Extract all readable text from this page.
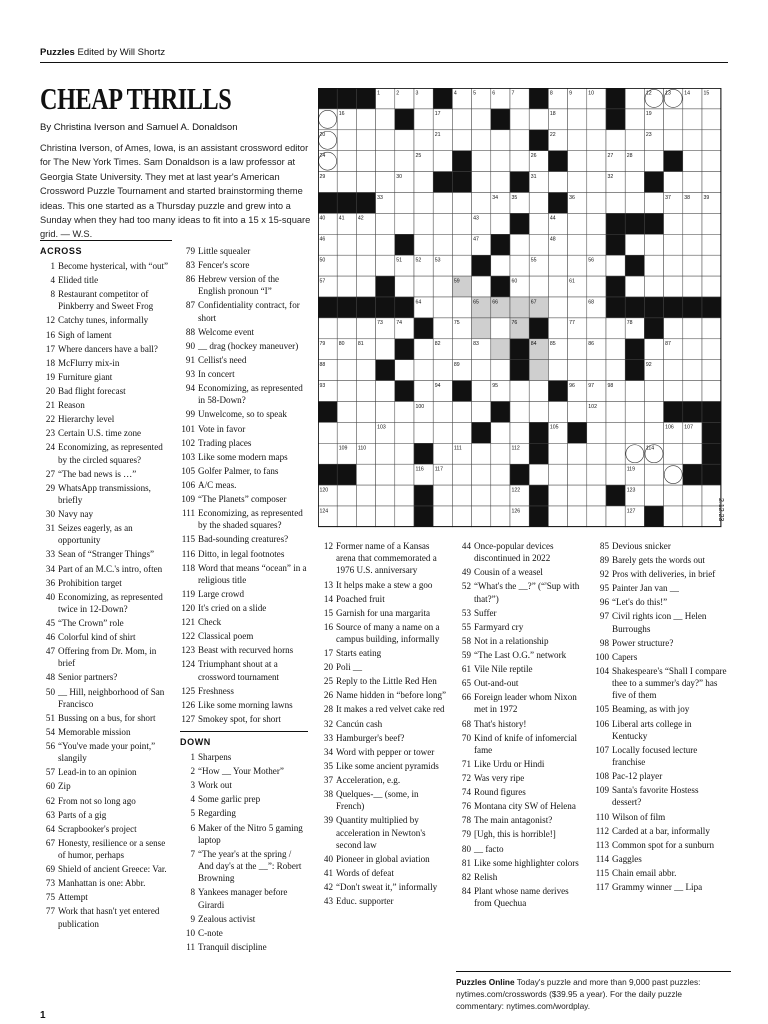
Puzzles Edited by Will Shortz
CHEAP THRILLS
By Christina Iverson and Samuel A. Donaldson
Christina Iverson, of Ames, Iowa, is an assistant crossword editor for The New York Times. Sam Donaldson is a law professor at Georgia State University. They met at last year's American Crossword Puzzle Tournament and started brainstorming theme ideas. This one started as a Thursday puzzle and grew into a Sunday when they had too many ideas to fit into a 15 x 15-square grid. — W.S.
ACROSS
1 Become hysterical, with “out”
4 Elided title
8 Restaurant competitor of Pinkberry and Sweet Frog
12 Catchy tunes, informally
16 Sigh of lament
17 Where dancers have a ball?
18 McFlurry mix-in
19 Furniture giant
20 Bad flight forecast
21 Reason
22 Hierarchy level
23 Certain U.S. time zone
24 Economizing, as represented by the circled squares?
27 “The bad news is …”
29 WhatsApp transmissions, briefly
30 Navy nay
31 Seizes eagerly, as an opportunity
33 Sean of “Stranger Things”
34 Part of an M.C.'s intro, often
36 Prohibition target
40 Economizing, as represented twice in 12-Down?
45 “The Crown” role
46 Colorful kind of shirt
47 Offering from Dr. Mom, in brief
48 Senior partners?
50 __ Hill, neighborhood of San Francisco
51 Bussing on a bus, for short
54 Memorable mission
56 “You've made your point,” slangily
57 Lead-in to an opinion
60 Zip
62 From not so long ago
63 Parts of a gig
64 Scrapbooker's project
67 Honesty, resilience or a sense of humor, perhaps
69 Shield of ancient Greece: Var.
73 Manhattan is one: Abbr.
75 Attempt
77 Work that hasn't yet entered publication
79 Little squealer
83 Fencer's score
86 Hebrew version of the English pronoun “I”
87 Confidentiality contract, for short
88 Welcome event
90 __ drag (hockey maneuver)
91 Cellist's need
93 In concert
94 Economizing, as represented in 58-Down?
99 Unwelcome, so to speak
101 Vote in favor
102 Trading places
103 Like some modern maps
105 Golfer Palmer, to fans
106 A/C meas.
109 “The Planets” composer
111 Economizing, as represented by the shaded squares?
115 Bad-sounding creatures?
116 Ditto, in legal footnotes
118 Word that means “ocean” in a religious title
119 Large crowd
120 It's cried on a slide
121 Check
122 Classical poem
123 Beast with recurved horns
124 Triumphant shout at a crossword tournament
125 Freshness
126 Like some morning lawns
127 Smokey spot, for short
DOWN
1 Sharpens
2 “How __ Your Mother”
3 Work out
4 Some garlic prep
5 Regarding
6 Maker of the Nitro 5 gaming laptop
7 “The year's at the spring / And day's at the __”: Robert Browning
8 Yankees manager before Girardi
9 Zealous activist
10 C-note
11 Tranquil discipline
12 Former name of a Kansas arena that commemorated a 1976 U.S. anniversary
13 It helps make a stew a goo
14 Poached fruit
15 Garnish for una margarita
16 Source of many a name on a campus building, informally
17 Starts eating
20 Poli __
25 Reply to the Little Red Hen
26 Name hidden in “before long”
28 It makes a red velvet cake red
32 Cancún cash
33 Hamburger's beef?
34 Word with pepper or tower
35 Like some ancient pyramids
37 Acceleration, e.g.
38 Quelques-__ (some, in French)
39 Quantity multiplied by acceleration in Newton's second law
40 Pioneer in global aviation
41 Words of defeat
42 “Don't sweat it,” informally
43 Educ. supporter
44 Once-popular devices discontinued in 2022
49 Cousin of a weasel
52 “What's the __?” (“'Sup with that?”)
53 Suffer
55 Farmyard cry
58 Not in a relationship
59 “The Last O.G.” network
61 Vile Nile reptile
65 Out-and-out
66 Foreign leader whom Nixon met in 1972
68 That's history!
70 Kind of knife of infomercial fame
71 Like Urdu or Hindi
72 Was very ripe
74 Round figures
76 Montana city SW of Helena
78 The main antagonist?
79 [Ugh, this is horrible!]
80 __ facto
81 Like some highlighter colors
82 Relish
84 Plant whose name derives from Quechua
85 Devious snicker
89 Barely gets the words out
92 Pros with deliveries, in brief
95 Painter Jan van __
96 “Let's do this!”
97 Civil rights icon __ Helen Burroughs
98 Power structure?
100 Capers
104 Shakespeare's “Shall I compare thee to a summer's day?” has five of them
105 Beaming, as with joy
106 Liberal arts college in Kentucky
107 Locally focused lecture franchise
108 Pac-12 player
109 Santa's favorite Hostess dessert?
110 Wilson of film
112 Carded at a bar, informally
113 Common spot for a sunburn
114 Gaggles
115 Chain email abbr.
117 Grammy winner __ Lipa
1	2	3	4	5	6	7	8	9	10	12	13	14	15
16	17	18	19
20	21	22	23
24	25	26	27	28
29	30	31	32
33	34	35	36	37	38	39
40	41	42	43	44
46	47	48
50	51	52	53	55	56
57	59	60	61
64	65	66	67	68
73	74	75	76	77	78
79	80	81	82	83	84	85	86	87
88	89	92
93	94	95	96	97	98
100	102
103	105	106 107
109 110	111	112	114
116 117	119
120	122	123
124	126	127	2.12.23
Puzzles Online Today's puzzle and more than 9,000 past puzzles: nytimes.com/crosswords ($39.95 a year). For the daily puzzle commentary: nytimes.com/wordplay.
1
